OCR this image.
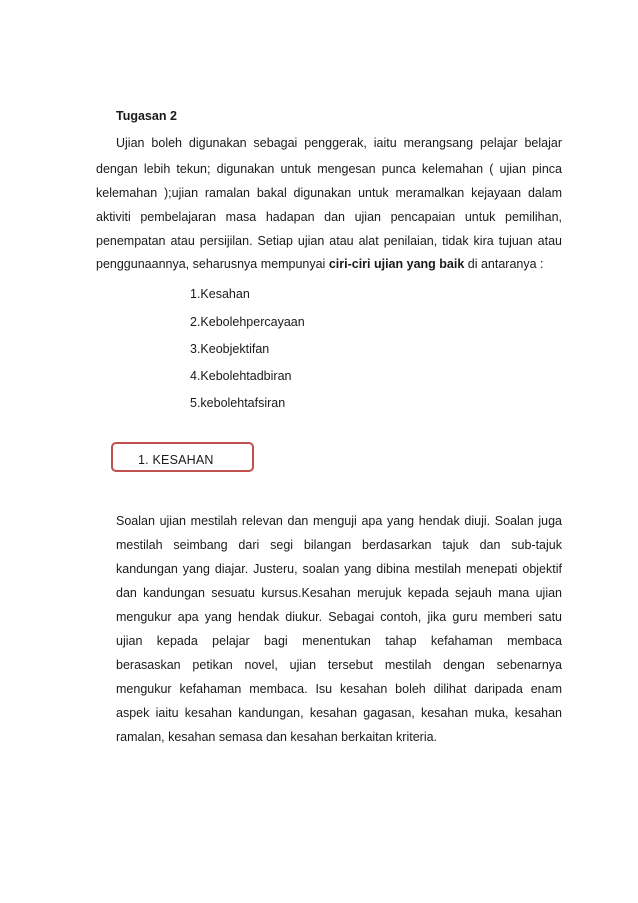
Tugasan 2
Ujian boleh digunakan sebagai penggerak, iaitu merangsang pelajar belajar
dengan lebih tekun; digunakan untuk mengesan punca kelemahan ( ujian pinca
kelemahan );ujian ramalan bakal digunakan untuk meramalkan kejayaan dalam
aktiviti pembelajaran masa hadapan dan ujian pencapaian untuk pemilihan,
penempatan atau persijilan. Setiap ujian atau alat penilaian, tidak kira tujuan atau
penggunaannya, seharusnya mempunyai ciri-ciri ujian yang baik di antaranya :
1.Kesahan
2.Kebolehpercayaan
3.Keobjektifan
4.Kebolehtadbiran
5.kebolehtafsiran
1. KESAHAN
Soalan ujian mestilah relevan dan menguji apa yang hendak diuji. Soalan juga
mestilah seimbang dari segi bilangan berdasarkan tajuk dan sub-tajuk
kandungan yang diajar. Justeru, soalan yang dibina mestilah menepati objektif
dan kandungan sesuatu kursus.Kesahan merujuk kepada sejauh mana ujian
mengukur apa yang hendak diukur. Sebagai contoh, jika guru memberi satu
ujian kepada pelajar bagi menentukan tahap kefahaman membaca
berasaskan petikan novel, ujian tersebut mestilah dengan sebenarnya
mengukur kefahaman membaca. Isu kesahan boleh dilihat daripada enam
aspek iaitu kesahan kandungan, kesahan gagasan, kesahan muka, kesahan
ramalan, kesahan semasa dan kesahan berkaitan kriteria.
